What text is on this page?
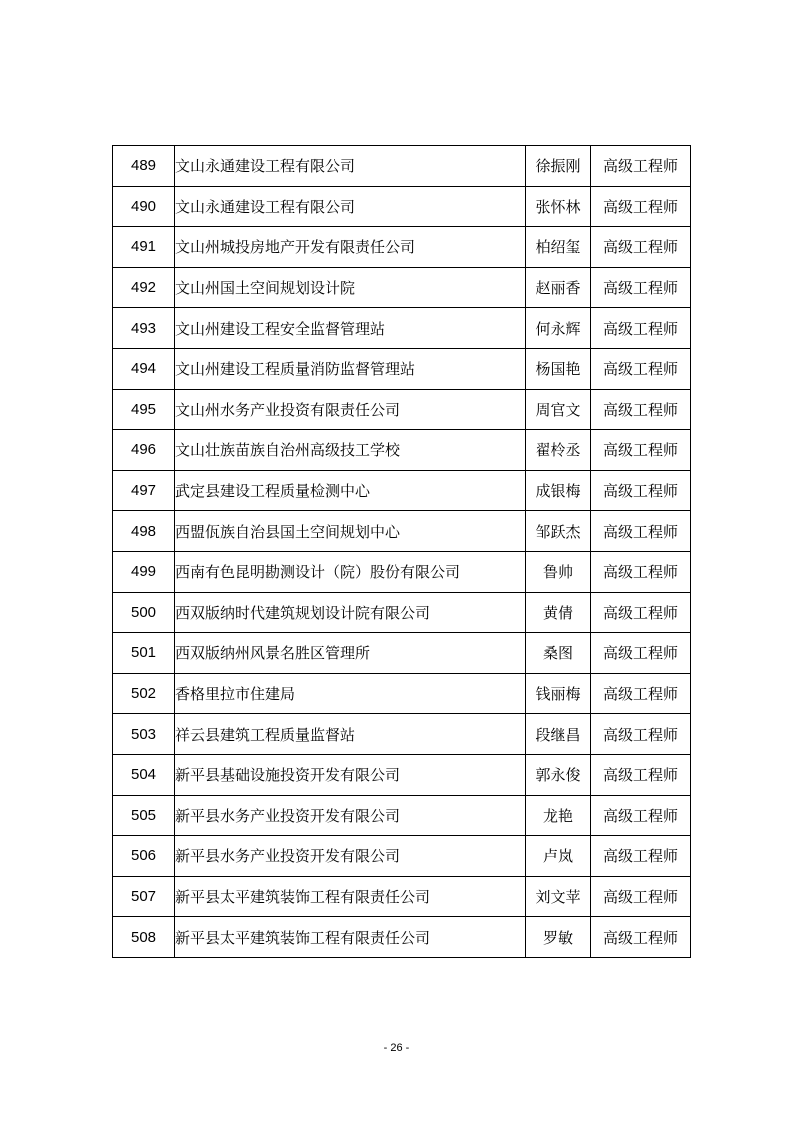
489	文山永通建设工程有限公司	徐振刚	高级工程师
490	文山永通建设工程有限公司	张怀林	高级工程师
491	文山州城投房地产开发有限责任公司	柏绍玺	高级工程师
492	文山州国土空间规划设计院	赵丽香	高级工程师
493	文山州建设工程安全监督管理站	何永辉	高级工程师
494	文山州建设工程质量消防监督管理站	杨国艳	高级工程师
495	文山州水务产业投资有限责任公司	周官文	高级工程师
496	文山壮族苗族自治州高级技工学校	翟柃丞	高级工程师
497	武定县建设工程质量检测中心	成银梅	高级工程师
498	西盟佤族自治县国土空间规划中心	邹跃杰	高级工程师
499	西南有色昆明勘测设计（院）股份有限公司	鲁帅	高级工程师
500	西双版纳时代建筑规划设计院有限公司	黄倩	高级工程师
501	西双版纳州风景名胜区管理所	桑图	高级工程师
502	香格里拉市住建局	钱丽梅	高级工程师
503	祥云县建筑工程质量监督站	段继昌	高级工程师
504	新平县基础设施投资开发有限公司	郭永俊	高级工程师
505	新平县水务产业投资开发有限公司	龙艳	高级工程师
506	新平县水务产业投资开发有限公司	卢岚	高级工程师
507	新平县太平建筑装饰工程有限责任公司	刘文苹	高级工程师
508	新平县太平建筑装饰工程有限责任公司	罗敏	高级工程师
- 26 -
